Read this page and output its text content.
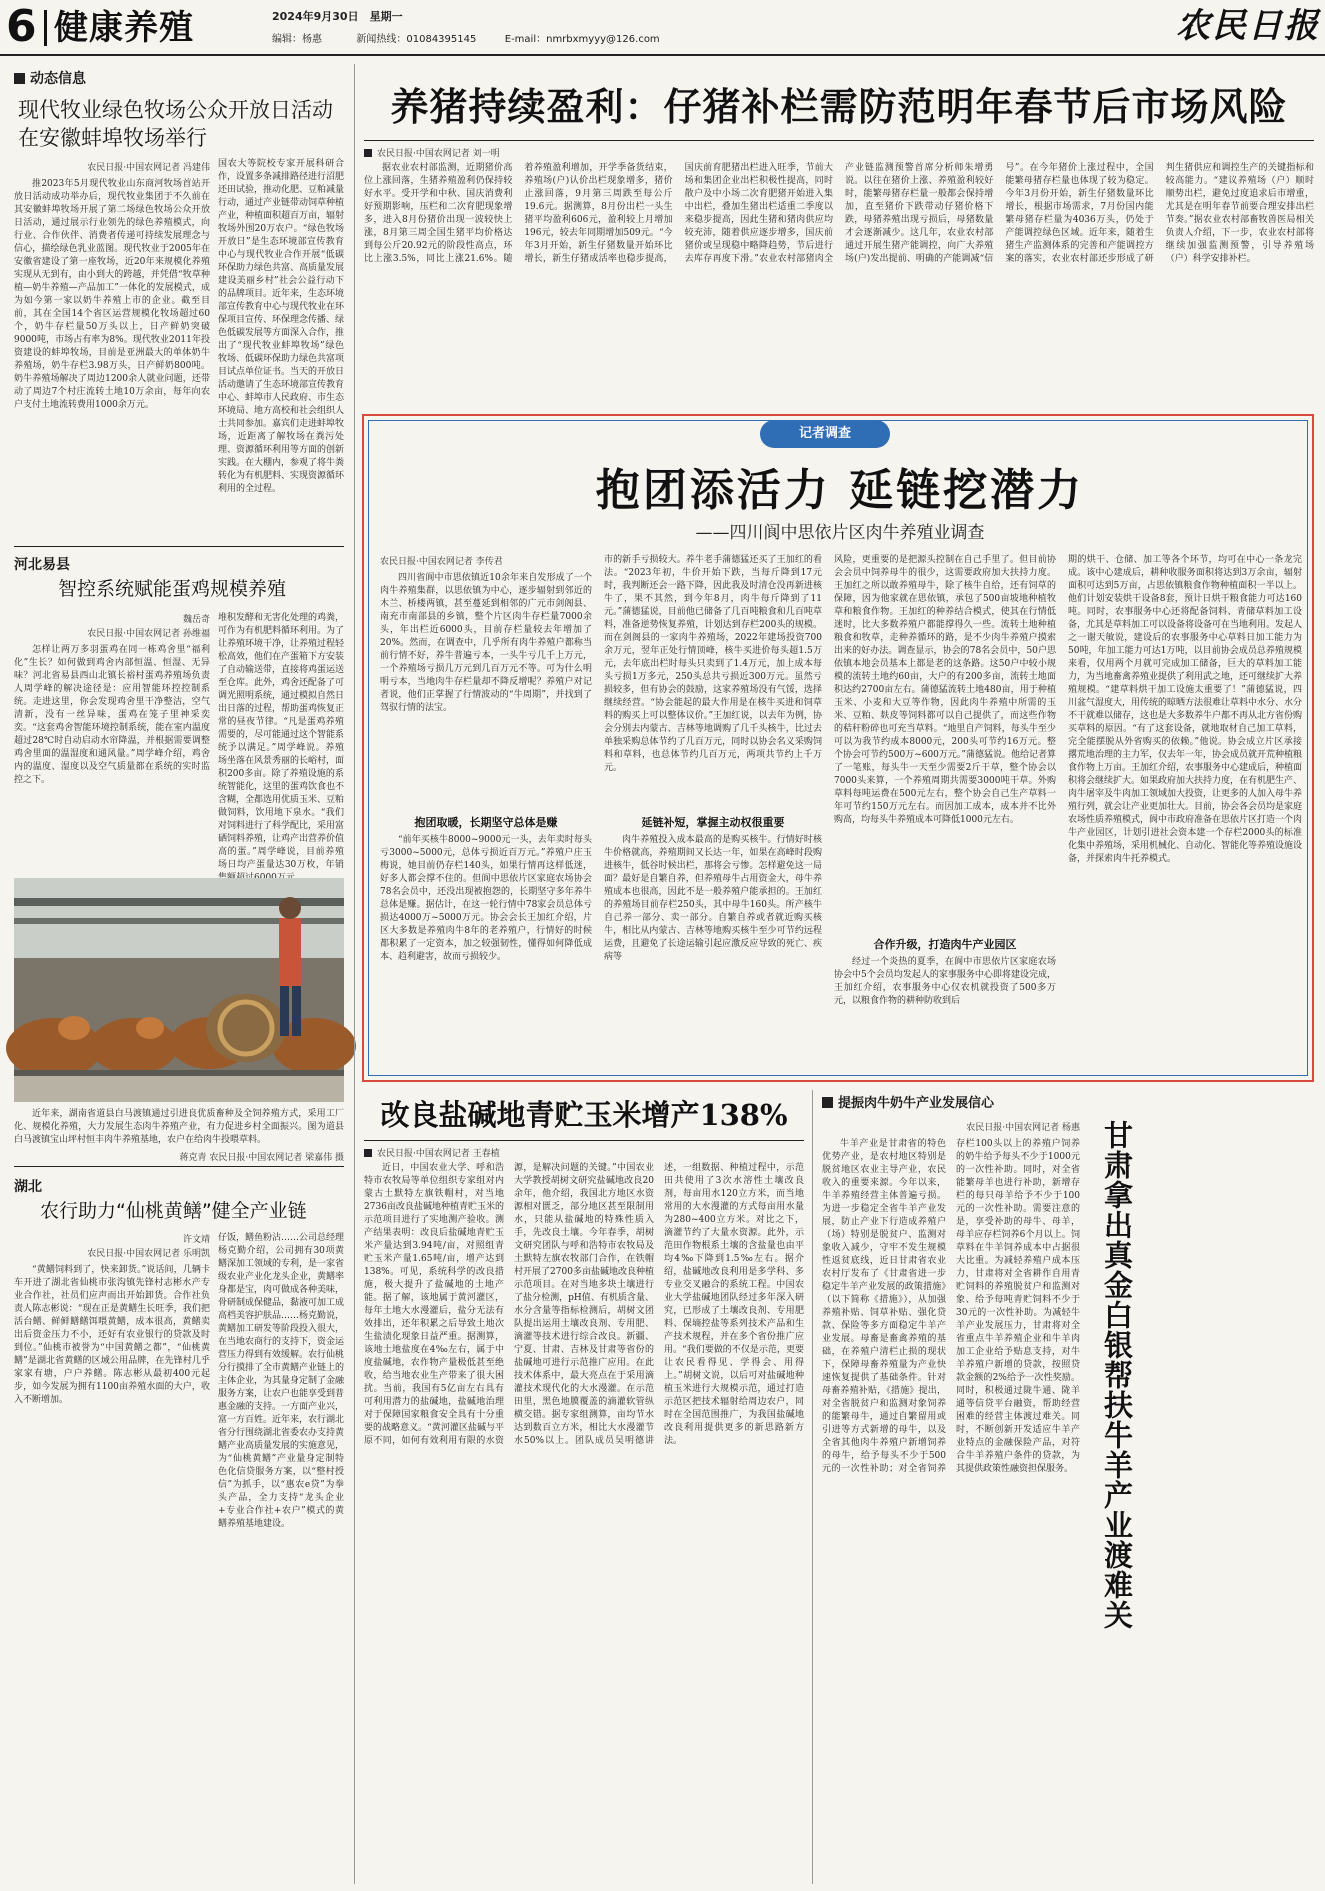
6 健康养殖	2024年9月30日　星期一
编辑：杨惠	新闻热线：01084395145	E-mail：nmrbxmyyy@126.com	农民日报
动态信息
现代牧业绿色牧场公众开放日活动
在安徽蚌埠牧场举行
农民日报·中国农网记者 冯建伟
推2023年5月现代牧业山东商河牧场首站开放日活动成功举办后，现代牧业集团于不久前在其安徽蚌埠牧场开展了第二场绿色牧场公众开放日活动，通过展示行业领先的绿色养殖模式，向行业、合作伙伴、消费者传递可持续发展理念与信心，描绘绿色乳业蓝图。现代牧业于2005年在安徽省建设了第一座牧场，近20年来规模化养殖实现从无到有，由小到大的跨越，并凭借“牧草种植—奶牛养殖—产品加工”一体化的发展模式，成为如今第一家以奶牛养殖上市的企业。截至目前，其在全国14个省区运营规模化牧场超过60个，奶牛存栏量50万头以上，日产鲜奶突破9000吨，市场占有率为8%。现代牧业2011年投资建设的蚌埠牧场，目前是亚洲最大的单体奶牛养殖场，奶牛存栏3.98万头，日产鲜奶800吨。奶牛养殖场解决了周边1200余人就业问题，还带动了周边7个村庄流转土地10万余亩，每年向农户支付土地流转费用1000余万元。
国农大等院校专家开展科研合作，设置多条减排路径进行沼肥还田试验，推动化肥、豆粕减量行动，通过产业链带动饲草种植产业，种植面积超百万亩，辐射牧场外围20万农户。“绿色牧场开放日”是生态环境部宣传教育中心与现代牧业合作开展“低碳环保助力绿色共富、高质量发展建设美丽乡村”社会公益行动下的品牌项目。近年来，生态环境部宣传教育中心与现代牧业在环保项目宣传、环保理念传播、绿色低碳发展等方面深入合作，推出了“现代牧业蚌埠牧场”绿色牧场、低碳环保助力绿色共富项目试点单位证书。当天的开放日活动邀请了生态环境部宣传教育中心、蚌埠市人民政府、市生态环境局、地方高校和社会组织人士共同参加。嘉宾们走进蚌埠牧场，近距离了解牧场在粪污处理、资源循环利用等方面的创新实践。在大棚内，参观了将牛粪转化为有机肥料、实现资源循环利用的全过程。
河北易县
智控系统赋能蛋鸡规模养殖
魏岳奇
农民日报·中国农网记者 孙维福
怎样让两万多羽蛋鸡在同一栋鸡舍里“福利化”生长？如何做到鸡舍内部恒温、恒湿、无异味？河北省易县西山北镇长裕村蛋鸡养殖场负责人周学峰的解决途径是：应用智能环控控制系统。走进这里，你会发现鸡舍里干净整洁，空气清新，没有一丝异味，蛋鸡在笼子里神采奕奕。“这套鸡舍智能环境控制系统，能在室内温度超过28℃时自动启动水帘降温，并根据需要调整鸡舍里面的温湿度和通风量。”周学峰介绍，鸡舍内的温度、湿度以及空气质量都在系统的实时监控之下。
堆积发酵和无害化处理的鸡粪，可作为有机肥料循环利用。为了让养殖环境干净，让养殖过程轻松高效，他们在产蛋箱下方安装了自动输送带，直接将鸡蛋运送至仓库。此外，鸡舍还配备了可调光照明系统，通过模拟自然日出日落的过程，帮助蛋鸡恢复正常的昼夜节律。“凡是蛋鸡养殖需要的，尽可能通过这个智能系统予以满足。”周学峰说。养殖场坐落在风景秀丽的长峪村，面积200多亩。除了养殖设施的系统智能化，这里的蛋鸡饮食也不含糊，全都选用优质玉米、豆粕做饲料，饮用地下泉水。“我们对饲料进行了科学配比，采用富硒饲料养殖，让鸡产出营养价值高的蛋。”周学峰说，目前养殖场日均产蛋量达30万枚，年销
近年来，湖南省道县白马渡镇通过引进良优质畜种及全饲养殖方式，采用工厂化、规模化养殖，大力发展生态肉牛养殖产业，有力促进乡村全面振兴。图为道县白马渡镇宝山坪村恒丰肉牛养殖基地，农户在给肉牛投喂草料。
蒋克青 农民日报·中国农网记者 梁嘉伟 摄
湖北
农行助力“仙桃黄鳝”健全产业链
许文靖
农民日报·中国农网记者 乐明凯
“黄鳝饲料到了，快来卸货。”说话间，几辆卡车开进了湖北省仙桃市张沟镇先锋村志彬水产专业合作社，社员们应声而出开始卸货。合作社负责人陈志彬说：“现在正是黄鳝生长旺季，我们把活台鳝、鲜鲜鳝鳝饵喂黄鳝，成本很高，黄鳝卖出后资金压力不小，还好有农业银行的贷款及时到位。”仙桃市被誉为“中国黄鳝之都”，“仙桃黄鳝”是湖北省黄鳝的区域公用品牌，在先锋村几乎家家有塘，户户养鳝。陈志彬从最初400元起步，如今发展为拥有1100亩养殖水面的大户，收入不断增加。
仔饭，鳝鱼粉沾……公司总经理杨克勤介绍，公司拥有30项黄鳝深加工领域的专利，是一家省级农业产业化龙头企业，黄鳝率身都是宝，肉可做成各种美味，骨研制成保健品，黏液可加工成高档美容护肤品……杨克勤说，黄鳝加工研发等阶段投入很大，在当地农商行的支持下，资金运营压力得到有效缓解。农行仙桃分行摸排了全市黄鳝产业链上的主体企业，为其量身定制了金融服务方案，让农户也能享受到普惠金融的支持。一方面产业兴，富一方百姓。近年来，农行湖北省分行围绕湖北省委农办支持黄鳝产业高质量发展的实施意见，为“仙桃黄鳝”产业量身定制特色化信贷服务方案，以“整村授信”为抓手，以“惠农e贷”为拳头产品，全力支持“龙头企业+专业合作社+农户”模式的黄鳝养殖基地建设。
养猪持续盈利：仔猪补栏需防范明年春节后市场风险
农民日报·中国农网记者 刘一明
据农业农村部监测，近期猪价高位上涨回落，生猪养殖盈利仍保持较好水平。受开学和中秋、国庆消费利好预期影响，压栏和二次育肥现象增多，进入8月份猪价出现一波较快上涨，8月第三周全国生猪平均价格达到每公斤20.92元的阶段性高点，环比上涨3.5%，同比上涨21.6%。随着养殖盈利增加，开学季备货结束，养殖场(户)认价出栏现象增多，猪价止涨回落，9月第三周跌至每公斤19.6元。据测算，8月份出栏一头生猪平均盈利606元，盈利较上月增加196元，较去年同期增加509元。“今年3月开始，新生仔猪数量开始环比增长，新生仔猪成活率也稳步提高，国庆前育肥猪出栏进入旺季，节前大场和集团企业出栏积极性提高，同时散户及中小场二次育肥猪开始进入集中出栏，叠加生猪出栏适重二季度以来稳步提高，因此生猪和猪肉供应均较充沛，随着供应逐步增多，国庆前猪价或呈现稳中略降趋势，节后进行去库存再度下滑。”农业农村部猪肉全产业链监测预警首席分析师朱增勇说。以往在猪价上涨、养殖盈利较好时，能繁母猪存栏量一般都会保持增加，直至猪价下跌带动仔猪价格下跌，母猪养殖出现亏损后，母猪数量才会逐渐减少。这几年，农业农村部通过开展生猪产能调控，向广大养殖场(户)发出提前、明确的产能调减“信号”。在今年猪价上涨过程中，全国能繁母猪存栏量也体现了较为稳定。今年3月份开始，新生仔猪数量环比增长，根据市场需求，7月份国内能繁母猪存栏量为4036万头，仍处于产能调控绿色区域。近年来，随着生猪生产监测体系的完善和产能调控方案的落实，农业农村部还步形成了研判生猪供应和调控生产的关键指标和较高能力。“建议养殖场（户）顺时顺势出栏，避免过度追求后市增重，尤其是在明年春节前要合理安排出栏节奏。”据农业农村部畜牧兽医局相关负责人介绍，下一步，农业农村部将继续加强监测预警，引导养殖场（户）科学安排补栏。
记者调查
抱团添活力 延链挖潜力
——四川阆中思依片区肉牛养殖业调查
农民日报·中国农网记者 李传君
四川省阆中市思依镇近10余年来自发形成了一个肉牛养殖集群，以思依镇为中心，逐步辐射到邻近的木兰、桥楼两镇，甚至蔓延到相邻的广元市剑阁县、南充市南部县的乡镇，整个片区肉牛存栏量7000余头，年出栏近6000头，目前存栏量较去年增加了20%。然而，在调查中，几乎所有肉牛养殖户都称当前行情不好，养牛普遍亏本，一头牛亏几千上万元，一个养殖场亏损几万元到几百万元不等。可为什么明明亏本，当地肉牛存栏量却不降反增呢？养殖户对记者说，他们正掌握了行情波动的“牛周期”，并找到了驾驭行情的法宝。
抱团取暖，长期坚守总体是赚
“前年买核牛8000~9000元一头，去年卖时每头亏3000~5000元，总体亏损近百万元。”养殖户庄玉梅说，她目前仍存栏140头，如果行情再这样低迷，好多人都会撑不住的。但阆中思依片区家庭农场协会78名会员中，还没出现被抱怨的，长期坚守多年养牛总体是赚。据估计，在这一轮行情中78家会员总体亏损达4000万~5000万元。协会会长王加红介绍，片区大多数是养殖肉牛8年的老养殖户，行情好的时候都积累了一定资本，加之较强韧性，懂得如何降低成本、趋利避害，故而亏损较少。
市的新手亏损较大。养牛老手蒲德猛还买了王加红的看法。“2023年初，牛价开始下跌，当每斤降到17元时，我判断还会一路下降，因此我及时清仓没再新进核牛了，果不其然，到今年8月，肉牛每斤降到了11元。”蒲德猛说，目前他已储备了几百吨粮食和几百吨草料，准备逆势恢复养殖，计划达到存栏200头的规模。而在剑阁县的一家肉牛养殖场，2022年建场投资700余万元，翌年正处行情顶峰，核牛买进价每头超1.5万元，去年底出栏时每头只卖到了1.4万元，加上成本每头亏损1万多元，250头总共亏损近300万元。虽然亏损较多，但有协会的鼓励，这家养殖场没有气馁，选择继续经营。“协会能起的最大作用是在核牛买进和饲草料的购买上可以整体议价。”王加红说，以去年为例，协会分别去内蒙古、吉林等地调购了几千头核牛，比过去单独采购总体节约了几百万元，同时以协会名义采购饲料和草料，也总体节约几百万元，两项共节约上千万元。
延链补短，掌握主动权很重要
肉牛养殖投入成本最高的是购买核牛。行情好时核牛价格就高，养殖期间又长达一年，如果在高峰时段购进核牛，低谷时候出栏，那将会亏惨。怎样避免这一局面？最好是自繁自养，但养殖母牛占用资金大，母牛养殖成本也很高，因此不是一般养殖户能承担的。王加红的养殖场目前存栏250头，其中母牛160头。所产核牛自己养一部分、卖一部分。自繁自养或者就近购买核牛，相比从内蒙古、吉林等地购买核牛至少可节约远程运费，且避免了长途运输引起应激反应导致的死亡、疾病等
风险，更重要的是把源头控制在自己手里了。但目前协会会员中饲养母牛的很少，这需要政府加大扶持力度。王加红之所以敢养殖母牛，除了核牛自给，还有饲草的保障，因为他家就在思依镇，承包了500亩坡地种植牧草和粮食作物。王加红的种养结合模式，使其在行情低迷时，比大多数养殖户都能撑得久一些。流转土地种植粮食和牧草，走种养循环的路，是不少肉牛养殖户摸索出来的好办法。调查显示，协会的78名会员中，50户思依镇本地会员基本上都是老的这条路。这50户中较小规模的流转土地约60亩，大户的有200多亩，流转土地面积达约2700亩左右。蒲德猛流转土地480亩，用于种植玉米、小麦和大豆等作物，因此肉牛养殖中所需的玉米、豆粕、麸皮等饲料都可以自己提供了，而这些作物的秸秆粉碎也可充当草料。“地里自产饲料，每头牛至少可以为我节约成本8000元，200头可节约16万元。整个协会可节约500万~600万元。”蒲德猛说。他给记者算了一笔账，每头牛一天至少需要2斤干草，整个协会以7000头来算，一个养殖周期共需要3000吨干草。外购草料每吨运费在500元左右，整个协会自己生产草料一年可节约150万元左右。而因加工成本，成本并不比外购高，均每头牛养殖成本可降低1000元左右。
合作升级，打造肉牛产业园区
经过一个炎热的夏季，在阆中市思依片区家庭农场协会中5个会员均发起人的家事服务中心即将建设完成，王加红介绍，农事服务中心仅农机就投资了500多万元，以粮食作物的耕种防收到后
期的烘干、仓储、加工等各个环节，均可在中心一条龙完成。该中心建成后，耕种收服务面积将达到3万余亩，辐射面积可达到5万亩，占思依镇粮食作物种植面积一半以上。他们计划安装烘干设备8套，预计日烘干粮食能力可达160吨。同时，农事服务中心还将配备饲料、青储草料加工设备，尤其是草料加工可以设备将设备可在当地利用。发起人之一谢天敏说，建设后的农事服务中心草料日加工能力为50吨，年加工能力可达1万吨，以目前协会成员总养殖规模来看，仅用两个月就可完成加工储备，巨大的草料加工能力，为当地畜禽养殖业提供了利用武之地，还可继续扩大养殖规模。“建草料烘干加工设施太重要了！”蒲德猛说，四川盆气湿度大，用传统的晾晒方法很难让草料中水分、水分不干就难以储存，这也是大多数养牛户都不再从北方省份购买草料的原因。“有了这套设备，就地取材自己加工草料，完全能摆脱从外省购买的依赖。”他说。协会成立片区承接撂荒地治理的主力军，仅去年一年，协会成员就开荒种植粮食作物上万亩。王加红介绍，农事服务中心建成后，种植面积将会继续扩大。如果政府加大扶持力度，在有机肥生产、肉牛屠宰及牛肉加工领域加大投资，让更多的人加入母牛养殖行列，就会让产业更加壮大。目前，协会各会员均是家庭农场性质养殖模式，阆中市政府准备在思依片区打造一个肉牛产业园区，计划引进社会资本建一个存栏2000头的标准化集中养殖场，采用机械化、自动化、智能化等养殖设施设备，并探索肉牛托养模式。
改良盐碱地青贮玉米增产138%
农民日报·中国农网记者 王春植
近日，中国农业大学、呼和浩特市农牧局等单位组织专家组对内蒙古土默特左旗铁帽村，对当地2736亩改良盐碱地种植青贮玉米的示范项目进行了实地测产验收。测产结果表明：改良后盐碱地青贮玉米产量达到3.94吨/亩，对照组青贮玉米产量1.65吨/亩，增产达到138%。可见，系统科学的改良措施，极大提升了盐碱地的土地产能。据了解，该地属于黄河灌区，每年土地大水漫灌后，盐分无法有效排出，还年积累之后导致土地次生盐渍化现象日益严重。据测算，该地土地盐度在4‰左右，属于中度盐碱地，农作物产量极低甚至绝收，给当地农业生产带来了很大困扰。当前，我国有5亿亩左右具有可利用潜力的盐碱地，盐碱地治理对于保障国家粮食安全具有十分重要的战略意义。“黄河灌区盐碱与平原不同，如何有效利用有限的水资源，是解决问题的关键。”中国农业大学教授胡树文研究盐碱地改良20余年，他介绍，我国北方地区水资源相对匮乏，部分地区甚至限制用水，只能从盐碱地的特殊性质入手，先改良土壤。今年春季，胡树文研究团队与呼和浩特市农牧局及土默特左旗农牧部门合作，在铁帽村开展了2700多亩盐碱地改良种植示范项目。在对当地多块土壤进行了盐分检测，pH值、有机质含量、水分含量等指标检测后，胡树文团队提出运用土壤改良剂、专用肥、滴灌等技术进行综合改良。新疆、宁夏、甘肃、吉林及甘肃等省份的盐碱地可进行示范推广应用。在此技术体系中，最大亮点在于采用滴灌技术现代化的大水漫灌。在示范田里，黑色地膜覆盖的滴灌软管纵横交错。据专家组测算，亩均节水达到数百立方米，相比大水漫灌节水50%以上。团队成员吴明德讲述，一组数据、种植过程中，示范田共使用了3次水溶性土壤改良剂，每亩用水120立方米，而当地常用的大水漫灌的方式每亩用水量为280~400立方米。对比之下，滴灌节约了大量水资源。此外，示范田作物根系土壤的含盐量也由平均4‰下降到1.5‰左右。据介绍，盐碱地改良利用是多学科、多专业交叉融合的系统工程。中国农业大学盐碱地团队经过多年深入研究，已形成了土壤改良剂、专用肥料、保墒控盐等系列技术产品和生产技术规程，并在多个省份推广应用。“我们要做的不仅是示范，更要让农民看得见、学得会、用得上。”胡树文说，以后可对盐碱地种植玉米进行大规模示范，通过打造示范区把技术辐射给周边农户，同时在全国范围推广，为我国盐碱地改良利用提供更多的新思路新方法。
提振肉牛奶牛产业发展信心
农民日报·中国农网记者 杨惠
牛羊产业是甘肃省的特色优势产业，是农村地区特别是脱贫地区农业主导产业，农民收入的重要来源。今年以来，牛羊养殖经营主体普遍亏损。为进一步稳定全省牛羊产业发展，防止产业下行造成养殖户（场）特别是脱贫户、监测对象收入减少，守牢不发生规模性返贫底线，近日甘肃省农业农村厅发布了《甘肃省进一步稳定牛羊产业发展的政策措施》（以下简称《措施》），从加强养殖补贴、饲草补贴、强化贷款、保险等多方面稳定牛羊产业发展。母畜是畜禽养殖的基础，在养殖户清栏止损的现状下，保障母畜养殖量为产业快速恢复提供了基础条件。针对母畜养殖补贴，《措施》提出，对全省脱贫户和监测对象饲养的能繁母牛，通过自繁留用或引进等方式新增的母牛，以及全省其他肉牛养殖户新增饲养的母牛，给予每头不少于500元的一次性补助；对全省饲养存栏100头以上的养殖户饲养的奶牛给予每头不少于1000元的一次性补助。同时，对全省能繁母羊也进行补助，新增存栏的每只母羊给予不少于100元的一次性补助。需要注意的是，享受补助的母牛、母羊，母羊应存栏饲养6个月以上。饲草料在牛羊饲养成本中占据很大比重。为减轻养殖户成本压力，甘肃将对全省耕作自用青贮饲料的养殖脱贫户和监测对象、给予每吨青贮饲料不少于30元的一次性补助。为减轻牛羊产业发展压力，甘肃将对全省重点牛羊养殖企业和牛羊肉加工企业给予贴息支持，对牛羊养殖户新增的贷款，按照贷款金额的2%给予一次性奖励。同时，积极通过陇牛通、陇羊通等信贷平台融资，帮助经营困难的经营主体渡过难关。同时，不断创新开发适应牛羊产业特点的金融保险产品，对符合牛羊养殖户条件的贷款，为其提供政策性融资担保服务。 甘肃拿出真金白银帮扶牛羊产业渡难关
